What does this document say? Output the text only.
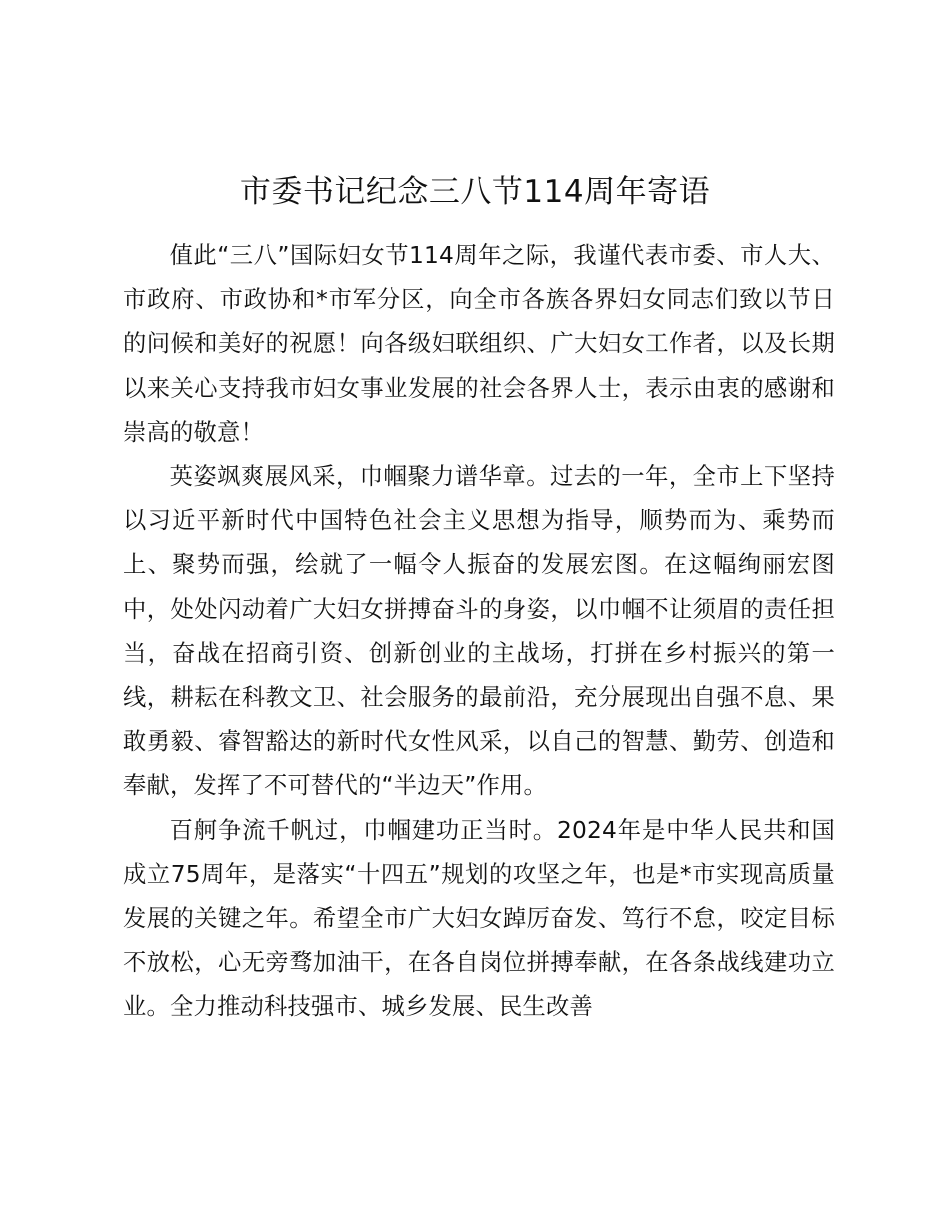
市委书记纪念三八节114周年寄语

值此“三八”国际妇女节114周年之际，我谨代表市委、市人大、市政府、市政协和*市军分区，向全市各族各界妇女同志们致以节日的问候和美好的祝愿！向各级妇联组织、广大妇女工作者，以及长期以来关心支持我市妇女事业发展的社会各界人士，表示由衷的感谢和崇高的敬意！

英姿飒爽展风采，巾帼聚力谱华章。过去的一年，全市上下坚持以习近平新时代中国特色社会主义思想为指导，顺势而为、乘势而上、聚势而强，绘就了一幅令人振奋的发展宏图。在这幅绚丽宏图中，处处闪动着广大妇女拼搏奋斗的身姿，以巾帼不让须眉的责任担当，奋战在招商引资、创新创业的主战场，打拼在乡村振兴的第一线，耕耘在科教文卫、社会服务的最前沿，充分展现出自强不息、果敢勇毅、睿智豁达的新时代女性风采，以自己的智慧、勤劳、创造和奉献，发挥了不可替代的“半边天”作用。

百舸争流千帆过，巾帼建功正当时。2024年是中华人民共和国成立75周年，是落实“十四五”规划的攻坚之年，也是*市实现高质量发展的关键之年。希望全市广大妇女踔厉奋发、笃行不怠，咬定目标不放松，心无旁骛加油干，在各自岗位拼搏奉献，在各条战线建功立业。全力推动科技强市、城乡发展、民生改善
